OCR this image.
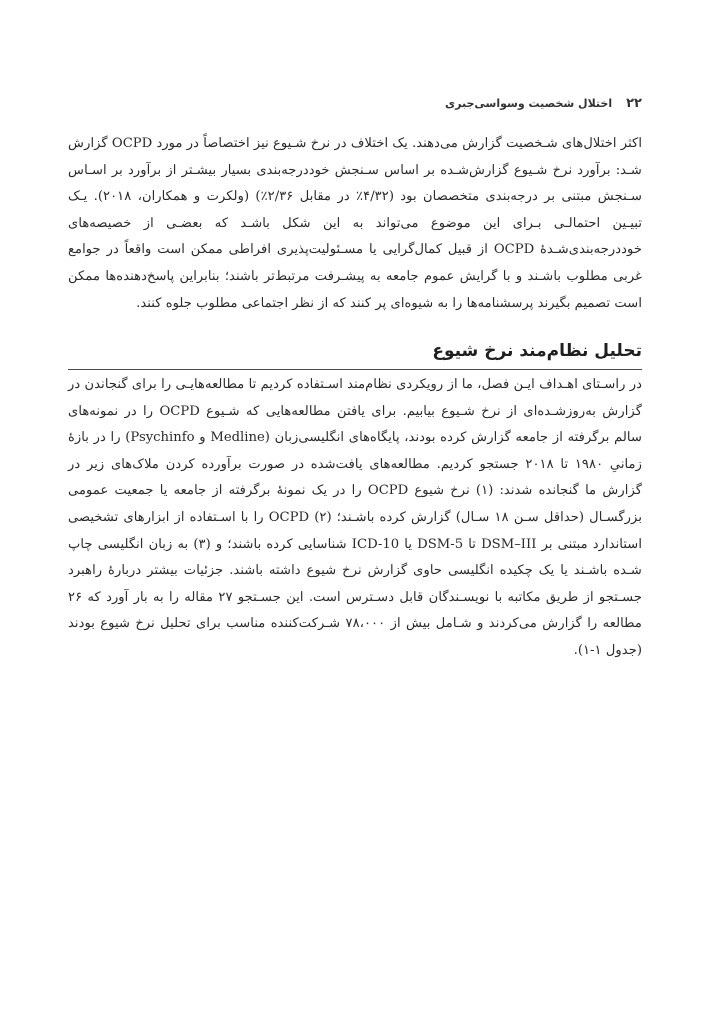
۲۲
اختلال شخصیت وسواسی‌جبری

اکثر اختلال‌های شـخصیت گزارش می‌دهند. یک اختلاف در نرخ شـیوع نیز اختصاصاً در مورد OCPD گزارش شـد: برآورد نرخ شـیوع گزارش‌شـده بر اساس سـنجش خوددرجه‌بندی بسیار بیشـتر از برآورد بر اسـاس سـنجش مبتنی بر درجه‌بندی متخصصان بود (۴/۳۲٪ در مقابل ۲/۳۶٪) (ولکرت و همکاران، ۲۰۱۸). یـک تبیـین احتمالـی بـرای این موضوع می‌تواند به این شکل باشـد که بعضـی از خصیصه‌های خوددرجه‌بندی‌شـدۀ OCPD از قبیل کمال‌گرایی یا مسـئولیت‌پذیری افراطی ممکن است واقعاً در جوامع غربی مطلوب باشـند و با گرایش عموم جامعه به پیشـرفت مرتبط‌تر باشند؛ بنابراین پاسخ‌دهنده‌ها ممکن است تصمیم بگیرند پرسشنامه‌ها را به شیوه‌ای پر کنند که از نظر اجتماعی مطلوب جلوه کنند.

تحلیل نظام‌مند نرخ شیوع

در راسـتای اهـداف ایـن فصل، ما از رویکردی نظام‌مند اسـتفاده کردیم تا مطالعه‌هایـی را برای گنجاندن در گزارش به‌روزشـده‌ای از نرخ شـیوع بیابیم. برای یافتن مطالعه‌هایی که شـیوع OCPD را در نمونه‌های سالم برگرفته از جامعه گزارش کرده بودند، پایگاه‌های انگلیسی‌زبان (Medline و Psychinfo) را در بازۀ زمانیِ ۱۹۸۰ تا ۲۰۱۸ جستجو کردیم. مطالعه‌های یافت‌شده در صورت برآورده کردن ملاک‌های زیر در گزارش ما گنجانده شدند: (۱) نرخ شیوع OCPD را در یک نمونۀ برگرفته از جامعه یا جمعیت عمومی بزرگسـال (حداقل سـن ۱۸ سـال) گزارش کرده باشـند؛ (۲) OCPD را با اسـتفاده از ابزارهای تشخیصی استاندارد مبتنی بر DSM–III تا DSM-5 یا ICD-10 شناسایی کرده باشند؛ و (۳) به زبان انگلیسی چاپ شـده باشـند یا یک چکیده انگلیسی حاوی گزارش نرخ شیوع داشته باشند. جزئیات بیشتر دربارۀ راهبرد جسـتجو از طریق مکاتبه با نویسـندگان قابل دسـترس است. این جسـتجو ۲۷ مقاله را به بار آورد که ۲۶ مطالعه را گزارش می‌کردند و شـامل بیش از ۷۸،۰۰۰ شـرکت‌کننده مناسب برای تحلیل نرخ شیوع بودند (جدول ۱-۱).
